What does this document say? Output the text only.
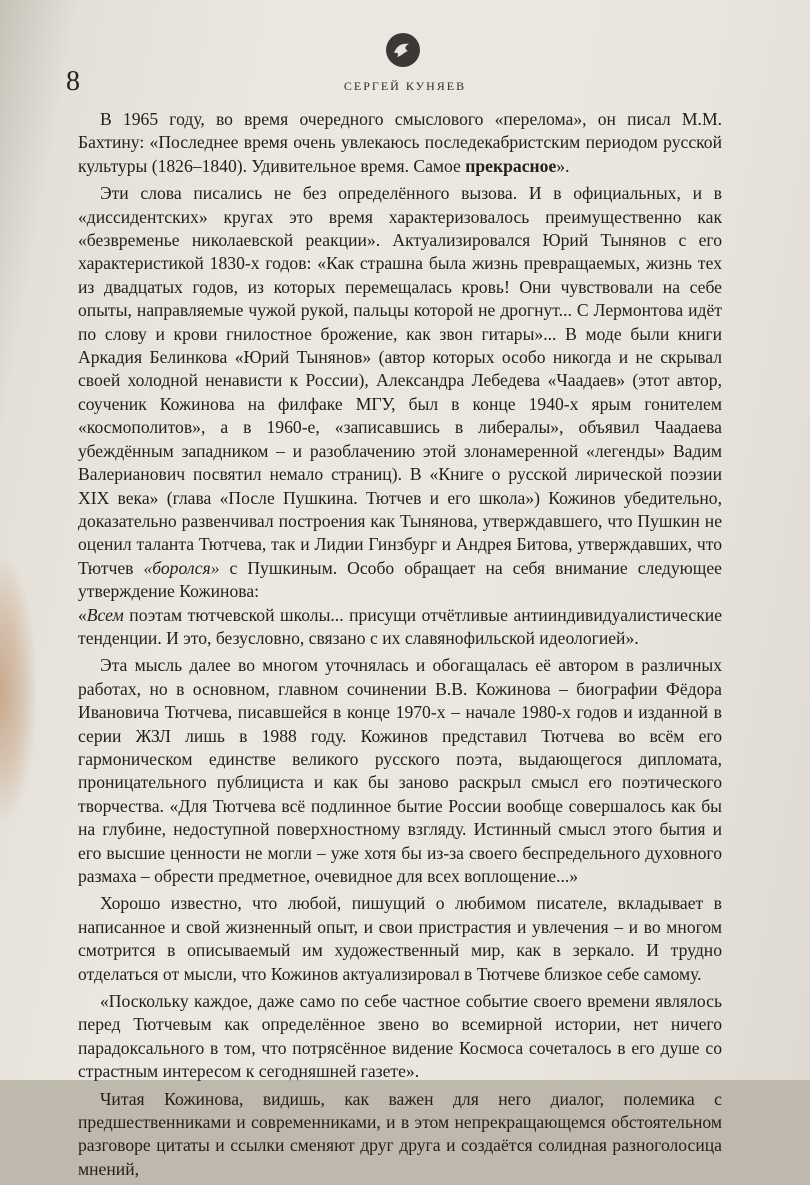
8	СЕРГЕЙ КУНЯЕВ

В 1965 году, во время очередного смыслового «перелома», он писал М.М. Бахтину: «Последнее время очень увлекаюсь последекабристским периодом русской культуры (1826–1840). Удивительное время. Самое прекрасное».

Эти слова писались не без определённого вызова. И в официальных, и в «диссидентских» кругах это время характеризовалось преимущественно как «безвременье николаевской реакции». Актуализировался Юрий Тынянов с его характеристикой 1830-х годов: «Как страшна была жизнь превращаемых, жизнь тех из двадцатых годов, из которых перемещалась кровь! Они чувствовали на себе опыты, направляемые чужой рукой, пальцы которой не дрогнут... С Лермонтова идёт по слову и крови гнилостное брожение, как звон гитары»... В моде были книги Аркадия Белинкова «Юрий Тынянов» (автор которых особо никогда и не скрывал своей холодной ненависти к России), Александра Лебедева «Чаадаев» (этот автор, соученик Кожинова на филфаке МГУ, был в конце 1940-х ярым гонителем «космополитов», а в 1960-е, «записавшись в либералы», объявил Чаадаева убеждённым западником – и разоблачению этой злонамеренной «легенды» Вадим Валерианович посвятил немало страниц). В «Книге о русской лирической поэзии XIX века» (глава «После Пушкина. Тютчев и его школа») Кожинов убедительно, доказательно развенчивал построения как Тынянова, утверждавшего, что Пушкин не оценил таланта Тютчева, так и Лидии Гинзбург и Андрея Битова, утверждавших, что Тютчев «боролся» с Пушкиным. Особо обращает на себя внимание следующее утверждение Кожинова:

«Всем поэтам тютчевской школы... присущи отчётливые антииндивидуалистические тенденции. И это, безусловно, связано с их славянофильской идеологией».

Эта мысль далее во многом уточнялась и обогащалась её автором в различных работах, но в основном, главном сочинении В.В. Кожинова – биографии Фёдора Ивановича Тютчева, писавшейся в конце 1970-х – начале 1980-х годов и изданной в серии ЖЗЛ лишь в 1988 году. Кожинов представил Тютчева во всём его гармоническом единстве великого русского поэта, выдающегося дипломата, проницательного публициста и как бы заново раскрыл смысл его поэтического творчества. «Для Тютчева всё подлинное бытие России вообще совершалось как бы на глубине, недоступной поверхностному взгляду. Истинный смысл этого бытия и его высшие ценности не могли – уже хотя бы из-за своего беспредельного духовного размаха – обрести предметное, очевидное для всех воплощение...»

Хорошо известно, что любой, пишущий о любимом писателе, вкладывает в написанное и свой жизненный опыт, и свои пристрастия и увлечения – и во многом смотрится в описываемый им художественный мир, как в зеркало. И трудно отделаться от мысли, что Кожинов актуализировал в Тютчеве близкое себе самому.

«Поскольку каждое, даже само по себе частное событие своего времени являлось перед Тютчевым как определённое звено во всемирной истории, нет ничего парадоксального в том, что потрясённое видение Космоса сочеталось в его душе со страстным интересом к сегодняшней газете».

Читая Кожинова, видишь, как важен для него диалог, полемика с предшественниками и современниками, и в этом непрекращающемся обстоятельном разговоре цитаты и ссылки сменяют друг друга и создаётся солидная разноголосица мнений,
